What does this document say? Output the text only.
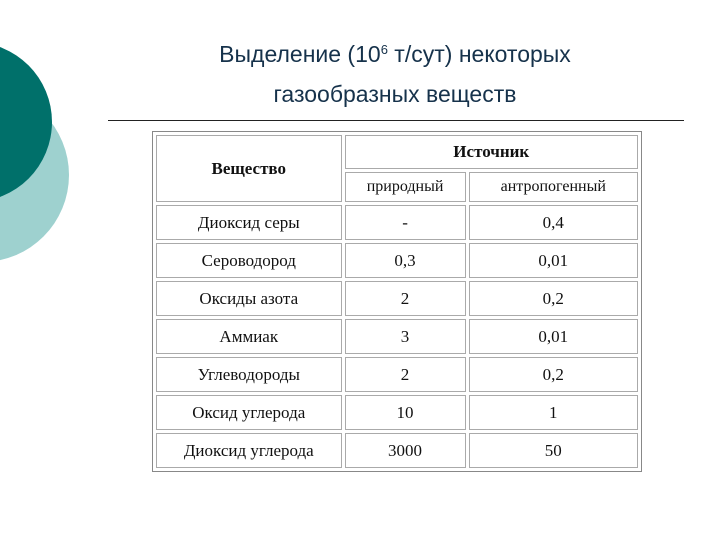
Выделение ($10^6$ т/сут) некоторых
газообразных веществ
Вещество	Источник	
	природный	антропогенный
Диоксид серы	-	0,4
Сероводород	0,3	0,01
Оксиды азота	2	0,2
Аммиак	3	0,01
Углеводороды	2	0,2
Оксид углерода	10	1
Диоксид углерода	3000	50
